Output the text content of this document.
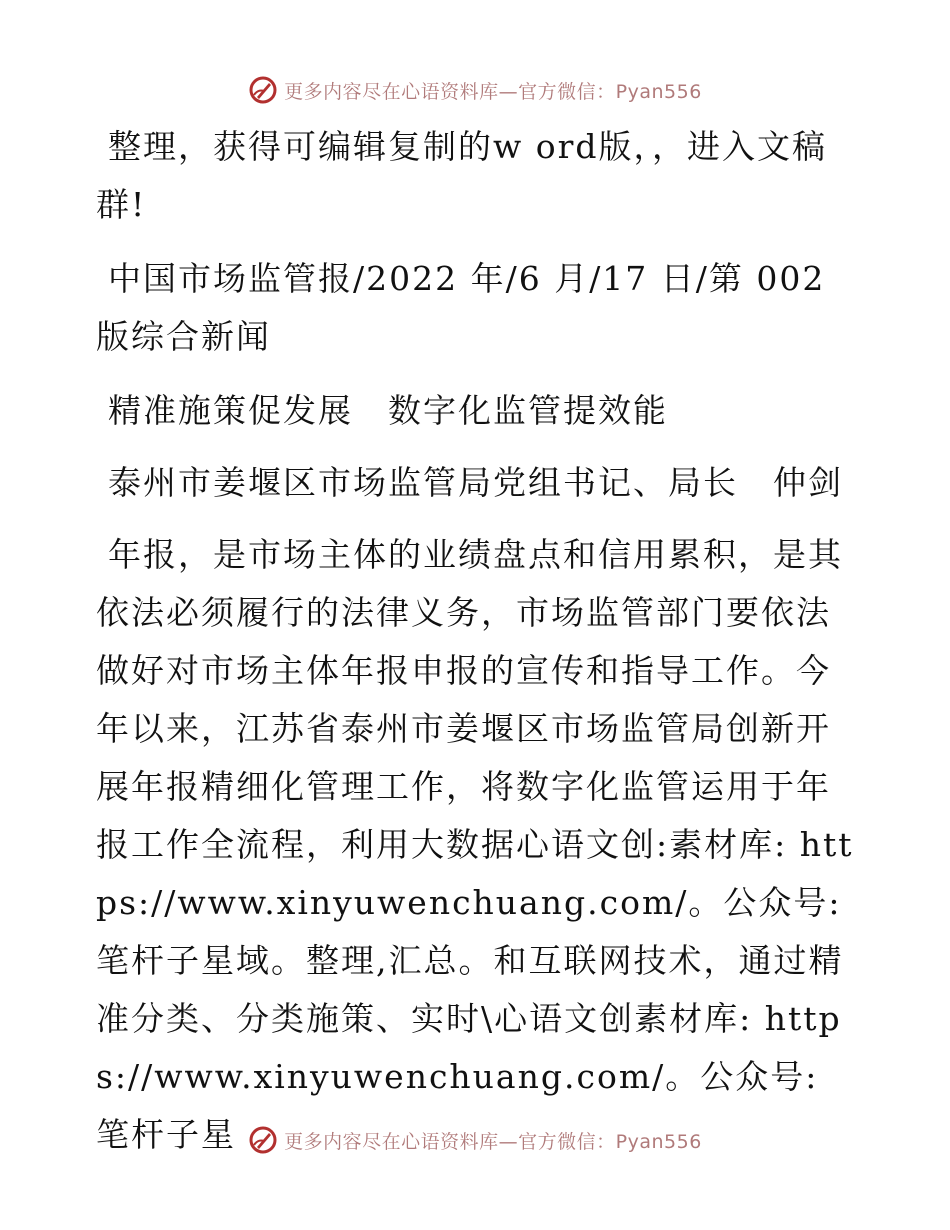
更多内容尽在心语资料库—官方微信：Pyan556

整理，获得可编辑复制的w ord版，，进入文稿群!

中国市场监管报/2022 年/6 月/17 日/第 002 版综合新闻

精准施策促发展　数字化监管提效能

泰州市姜堰区市场监管局党组书记、局长　仲剑

年报，是市场主体的业绩盘点和信用累积，是其依法必须履行的法律义务，市场监管部门要依法做好对市场主体年报申报的宣传和指导工作。今年以来，江苏省泰州市姜堰区市场监管局创新开展年报精细化管理工作，将数字化监管运用于年报工作全流程，利用大数据心语文创:素材库: https://www.xinyuwenchuang.com/。公众号: 笔杆子星域。整理,汇总。和互联网技术，通过精准分类、分类施策、实时\心语文创素材库: https://www.xinyuwenchuang.com/。公众号: 笔杆子星	更多内容尽在心语资料库—官方微信：Pyan556
